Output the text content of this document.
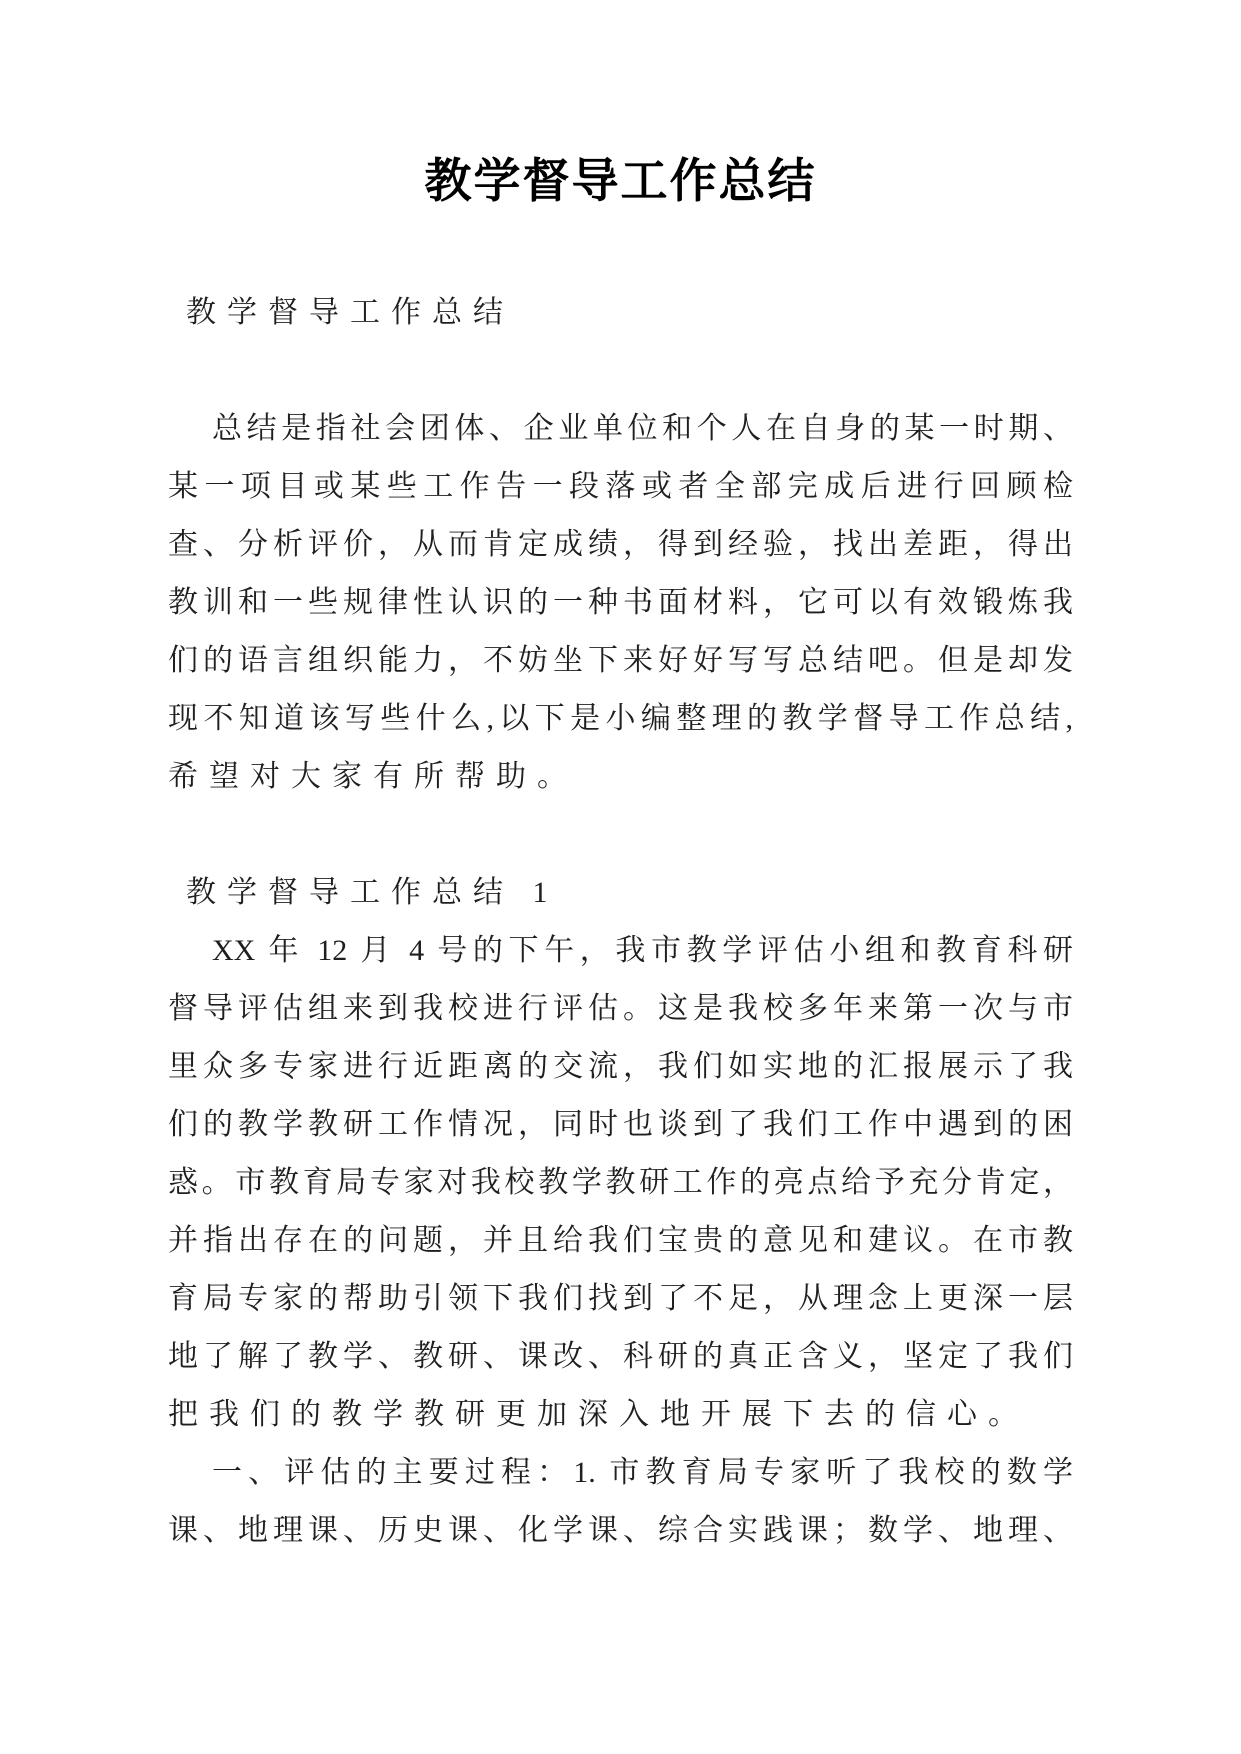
教学督导工作总结
教学督导工作总结

总结是指社会团体、企业单位和个人在自身的某一时期、
某一项目或某些工作告一段落或者全部完成后进行回顾检
查、分析评价，从而肯定成绩，得到经验，找出差距，得出
教训和一些规律性认识的一种书面材料，它可以有效锻炼我
们的语言组织能力，不妨坐下来好好写写总结吧。但是却发
现不知道该写些什么,以下是小编整理的教学督导工作总结,
希望对大家有所帮助。

教学督导工作总结 1
XX 年 12 月 4 号的下午，我市教学评估小组和教育科研
督导评估组来到我校进行评估。这是我校多年来第一次与市
里众多专家进行近距离的交流，我们如实地的汇报展示了我
们的教学教研工作情况，同时也谈到了我们工作中遇到的困
惑。市教育局专家对我校教学教研工作的亮点给予充分肯定，
并指出存在的问题，并且给我们宝贵的意见和建议。在市教
育局专家的帮助引领下我们找到了不足，从理念上更深一层
地了解了教学、教研、课改、科研的真正含义，坚定了我们
把我们的教学教研更加深入地开展下去的信心。
一、评估的主要过程：1. 市教育局专家听了我校的数学
课、地理课、历史课、化学课、综合实践课；数学、地理、
